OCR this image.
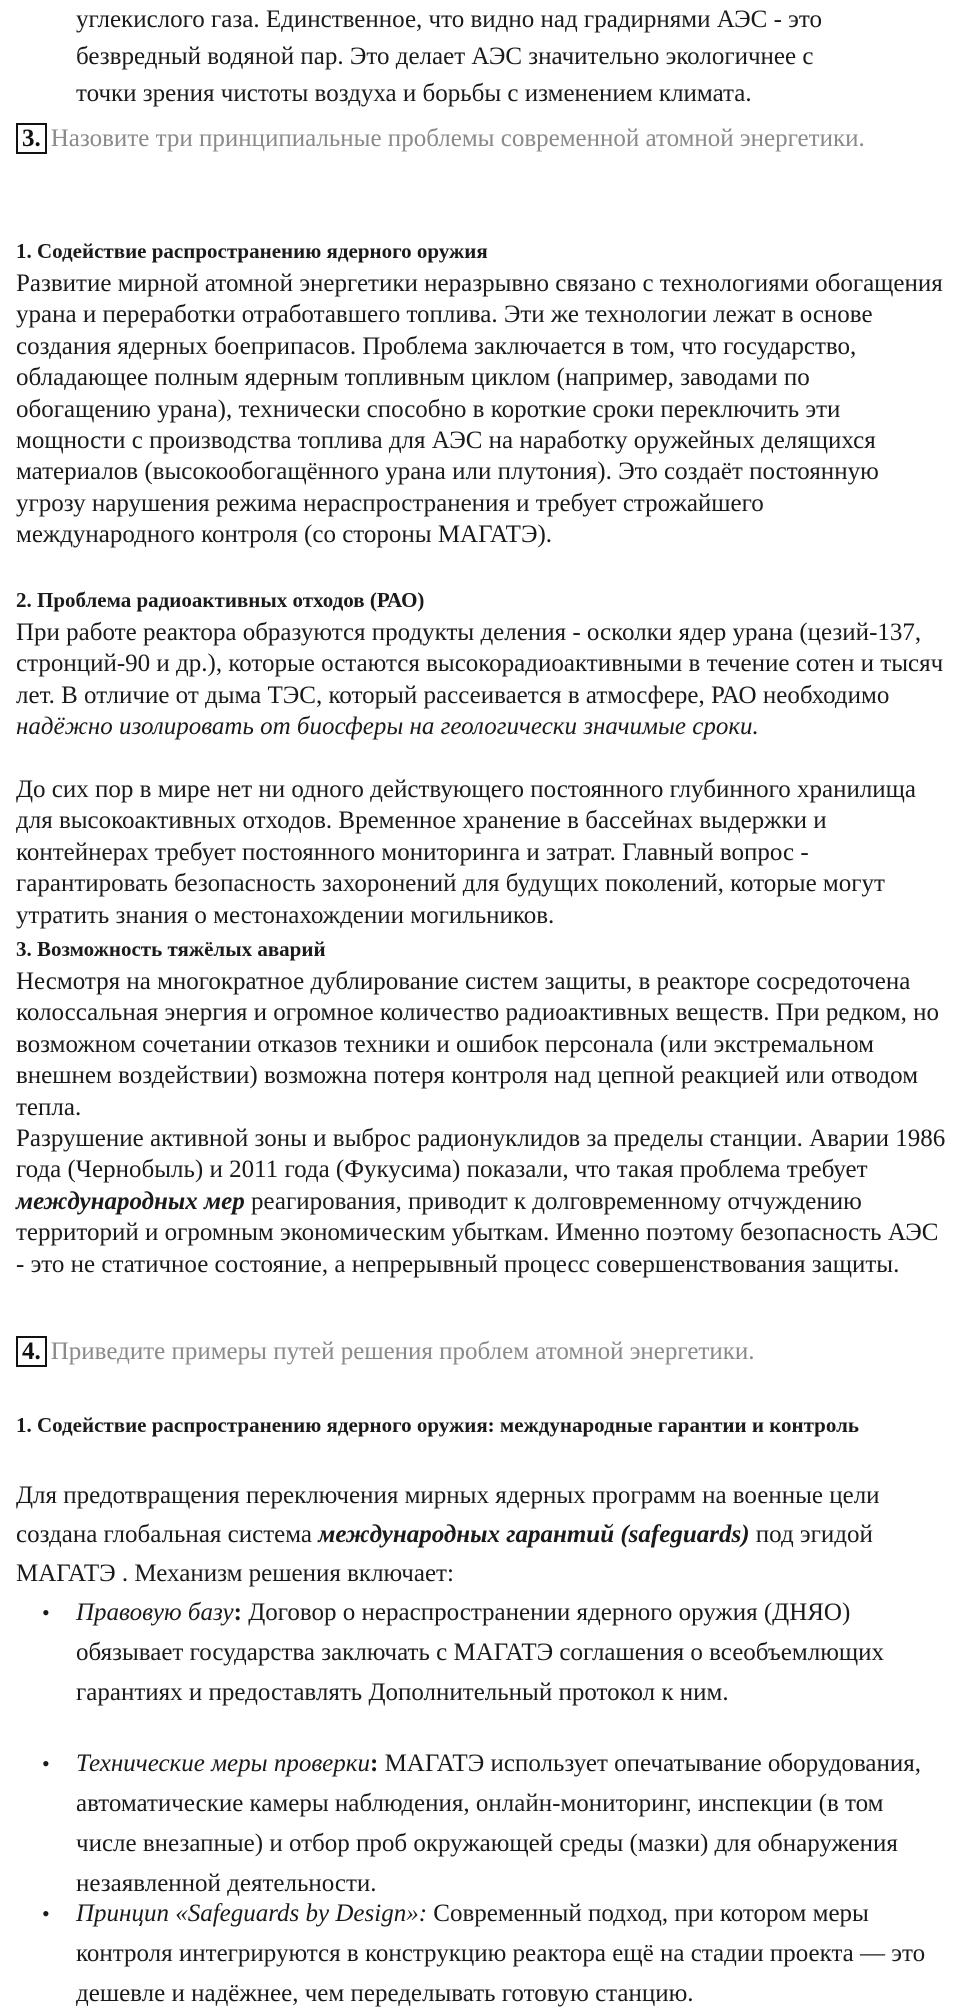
углекислого газа. Единственное, что видно над градирнями АЭС - это

безвредный водяной пар. Это делает АЭС значительно экологичнее с

точки зрения чистоты воздуха и борьбы с изменением климата.

3. Назовите три принципиальные проблемы современной атомной энергетики.

1. Содействие распространению ядерного оружия

Развитие мирной атомной энергетики неразрывно связано с технологиями обогащения урана и переработки отработавшего топлива. Эти же технологии лежат в основе создания ядерных боеприпасов. Проблема заключается в том, что государство, обладающее полным ядерным топливным циклом (например, заводами по обогащению урана), технически способно в короткие сроки переключить эти мощности с производства топлива для АЭС на наработку оружейных делящихся материалов (высокообогащённого урана или плутония). Это создаёт постоянную угрозу нарушения режима нераспространения и требует строжайшего международного контроля (со стороны МАГАТЭ).

2. Проблема радиоактивных отходов (РАО)

При работе реактора образуются продукты деления - осколки ядер урана (цезий-137, стронций-90 и др.), которые остаются высокорадиоактивными в течение сотен и тысяч лет. В отличие от дыма ТЭС, который рассеивается в атмосфере, РАО необходимо надёжно изолировать от биосферы на геологически значимые сроки.

До сих пор в мире нет ни одного действующего постоянного глубинного хранилища для высокоактивных отходов. Временное хранение в бассейнах выдержки и контейнерах требует постоянного мониторинга и затрат. Главный вопрос - гарантировать безопасность захоронений для будущих поколений, которые могут утратить знания о местонахождении могильников.

3. Возможность тяжёлых аварий

Несмотря на многократное дублирование систем защиты, в реакторе сосредоточена колоссальная энергия и огромное количество радиоактивных веществ. При редком, но возможном сочетании отказов техники и ошибок персонала (или экстремальном внешнем воздействии) возможна потеря контроля над цепной реакцией или отводом тепла.

Разрушение активной зоны и выброс радионуклидов за пределы станции. Аварии 1986 года (Чернобыль) и 2011 года (Фукусима) показали, что такая проблема требует международных мер реагирования, приводит к долговременному отчуждению территорий и огромным экономическим убыткам. Именно поэтому безопасность АЭС - это не статичное состояние, а непрерывный процесс совершенствования защиты.

4. Приведите примеры путей решения проблем атомной энергетики.

1. Содействие распространению ядерного оружия: международные гарантии и контроль

Для предотвращения переключения мирных ядерных программ на военные цели создана глобальная система международных гарантий (safeguards) под эгидой МАГАТЭ . Механизм решения включает:

• Правовую базу: Договор о нераспространении ядерного оружия (ДНЯО) обязывает государства заключать с МАГАТЭ соглашения о всеобъемлющих гарантиях и предоставлять Дополнительный протокол к ним.

• Технические меры проверки: МАГАТЭ использует опечатывание оборудования, автоматические камеры наблюдения, онлайн-мониторинг, инспекции (в том числе внезапные) и отбор проб окружающей среды (мазки) для обнаружения незаявленной деятельности.

• Принцип «Safeguards by Design»: Современный подход, при котором меры контроля интегрируются в конструкцию реактора ещё на стадии проекта — это дешевле и надёжнее, чем переделывать готовую станцию.
